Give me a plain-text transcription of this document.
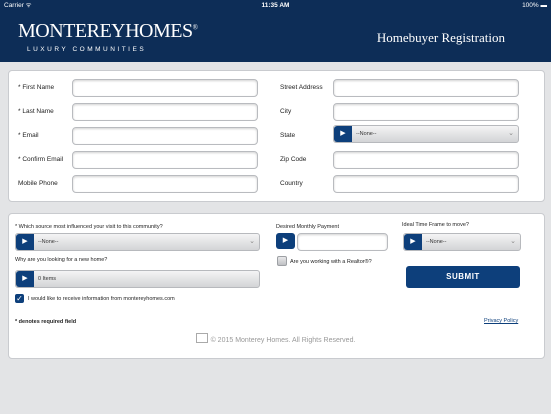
Carrier ᯤ	11:35 AM	100% ▬
MONTEREYHOMES®
LUXURY COMMUNITIES
Homebuyer Registration
* First Name
* Last Name
* Email
* Confirm Email
Mobile Phone
Street Address
City
State	▶	--None--	⌄
Zip Code
Country
* Which source most influenced your visit to this community?
▶	--None--	⌄
Why are you looking for a new home?
▶	0 Items
✓ I would like to receive information from montereyhomes.com
* denotes required field
Desired Monthly Payment
▶
Are you working with a Realtor®?
Ideal Time Frame to move?
▶	--None--	⌄
Privacy Policy
SUBMIT
© 2015 Monterey Homes. All Rights Reserved.
